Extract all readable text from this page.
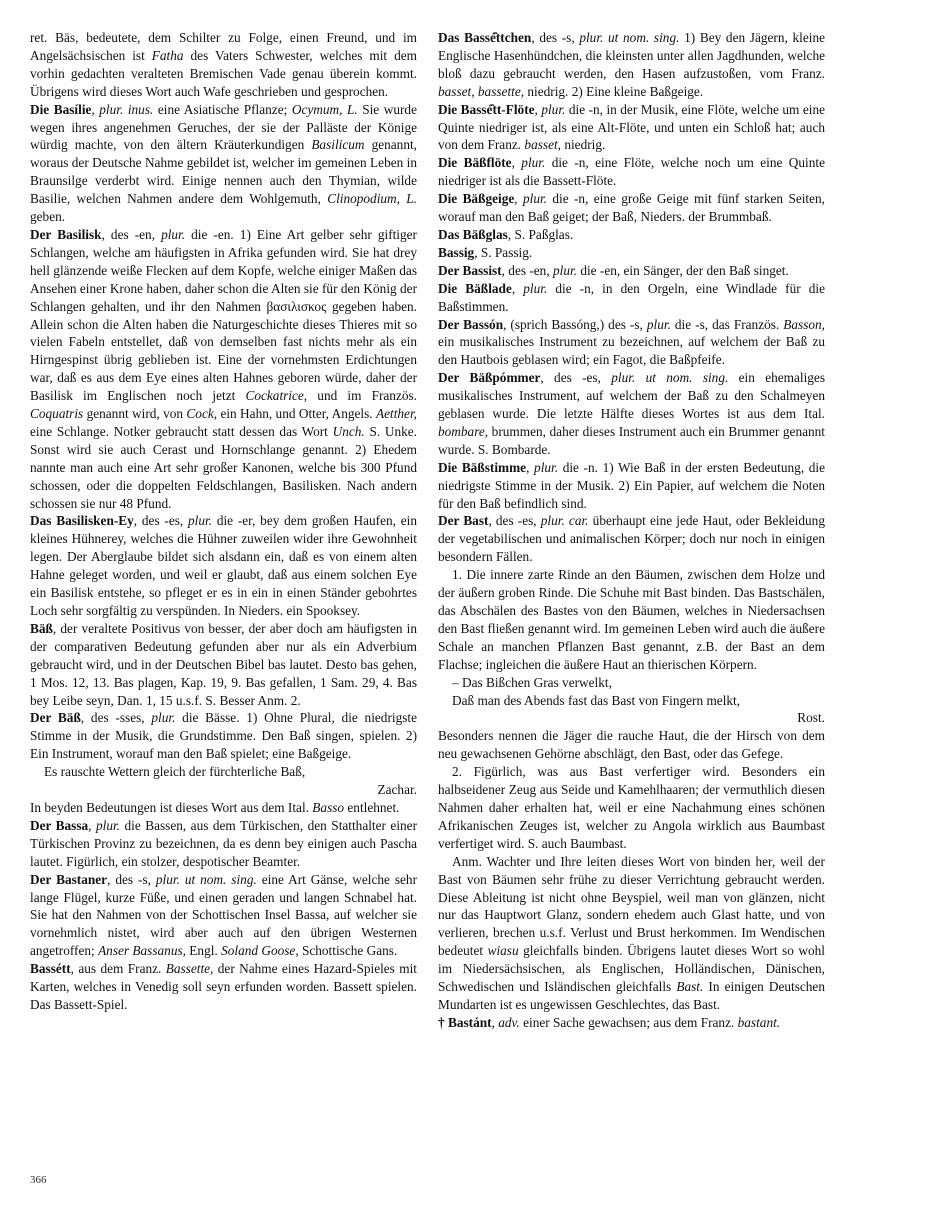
ret. Bäs, bedeutete, dem Schilter zu Folge, einen Freund, und im Angelsächsischen ist Fatha des Vaters Schwester, welches mit dem vorhin gedachten veralteten Bremischen Vade genau überein kommt. Übrigens wird dieses Wort auch Wafe geschrieben und gesprochen.

Die Basílie, plur. inus. eine Asiatische Pflanze; Ocymum, L. Sie wurde wegen ihres angenehmen Geruches, der sie der Palläste der Könige würdig machte, von den ältern Kräuterkundigen Basilicum genannt, woraus der Deutsche Nahme gebildet ist, welcher im gemeinen Leben in Braunsilge verderbt wird. Einige nennen auch den Thymian, wilde Basilie, welchen Nahmen andere dem Wohlgemuth, Clinopodium, L. geben.

Der Basilisk, des -en, plur. die -en. 1) Eine Art gelber sehr giftiger Schlangen, welche am häufigsten in Afrika gefunden wird. Sie hat drey hell glänzende weiße Flecken auf dem Kopfe, welche einiger Maßen das Ansehen einer Krone haben, daher schon die Alten sie für den König der Schlangen gehalten, und ihr den Nahmen βασιλισκος gegeben haben. Allein schon die Alten haben die Naturgeschichte dieses Thieres mit so vielen Fabeln entstellet, daß von demselben fast nichts mehr als ein Hirngespinst übrig geblieben ist. Eine der vornehmsten Erdichtungen war, daß es aus dem Eye eines alten Hahnes geboren würde, daher der Basilisk im Englischen noch jetzt Cockatrice, und im Französ. Coquatris genannt wird, von Cock, ein Hahn, und Otter, Angels. Aetther, eine Schlange. Notker gebraucht statt dessen das Wort Unch. S. Unke. Sonst wird sie auch Cerast und Hornschlange genannt. 2) Ehedem nannte man auch eine Art sehr großer Kanonen, welche bis 300 Pfund schossen, oder die doppelten Feldschlangen, Basilisken. Nach andern schossen sie nur 48 Pfund.

Das Basilisken-Ey, des -es, plur. die -er, bey dem großen Haufen, ein kleines Hühnerey, welches die Hühner zuweilen wider ihre Gewohnheit legen. Der Aberglaube bildet sich alsdann ein, daß es von einem alten Hahne geleget worden, und weil er glaubt, daß aus einem solchen Eye ein Basilisk entstehe, so pfleget er es in ein in einen Ständer gebohrtes Loch sehr sorgfältig zu verspünden. In Nieders. ein Spooksey.

Bäß, der veraltete Positivus von besser, der aber doch am häufigsten in der comparativen Bedeutung gefunden aber nur als ein Adverbium gebraucht wird, und in der Deutschen Bibel bas lautet. Desto bas gehen, 1 Mos. 12, 13. Bas plagen, Kap. 19, 9. Bas gefallen, 1 Sam. 29, 4. Bas bey Leibe seyn, Dan. 1, 15 u.s.f. S. Besser Anm. 2.

Der Bäß, des -sses, plur. die Bässe. 1) Ohne Plural, die niedrigste Stimme in der Musik, die Grundstimme. Den Baß singen, spielen. 2) Ein Instrument, worauf man den Baß spielet; eine Baßgeige.

Es rauschte Wettern gleich der fürchterliche Baß,

Zachar.

In beyden Bedeutungen ist dieses Wort aus dem Ital. Basso entlehnet.

Der Bassa, plur. die Bassen, aus dem Türkischen, den Statthalter einer Türkischen Provinz zu bezeichnen, da es denn bey einigen auch Pascha lautet. Figürlich, ein stolzer, despotischer Beamter.

Der Bastaner, des -s, plur. ut nom. sing. eine Art Gänse, welche sehr lange Flügel, kurze Füße, und einen geraden und langen Schnabel hat. Sie hat den Nahmen von der Schottischen Insel Bassa, auf welcher sie vornehmlich nistet, wird aber auch auf den übrigen Westernen angetroffen; Anser Bassanus, Engl. Soland Goose, Schottische Gans.

Bassétt, aus dem Franz. Bassette, der Nahme eines Hazard-Spieles mit Karten, welches in Venedig soll seyn erfunden worden. Bassett spielen. Das Bassett-Spiel.

Das Bassé̂ttchen, des -s, plur. ut nom. sing. 1) Bey den Jägern, kleine Englische Hasenhündchen, die kleinsten unter allen Jagdhunden, welche bloß dazu gebraucht werden, den Hasen aufzustoßen, vom Franz. basset, bassette, niedrig. 2) Eine kleine Baßgeige.

Die Bassé̂tt-Flöte, plur. die -n, in der Musik, eine Flöte, welche um eine Quinte niedriger ist, als eine Alt-Flöte, und unten ein Schloß hat; auch von dem Franz. basset, niedrig.

Die Bäßflöte, plur. die -n, eine Flöte, welche noch um eine Quinte niedriger ist als die Bassett-Flöte.

Die Bäßgeige, plur. die -n, eine große Geige mit fünf starken Seiten, worauf man den Baß geiget; der Baß, Nieders. der Brummbaß.

Das Bäßglas, S. Paßglas.

Bassig, S. Passig.

Der Bassist, des -en, plur. die -en, ein Sänger, der den Baß singet.

Die Bäßlade, plur. die -n, in den Orgeln, eine Windlade für die Baßstimmen.

Der Bassón, (sprich Bassóng,) des -s, plur. die -s, das Französ. Basson, ein musikalisches Instrument zu bezeichnen, auf welchem der Baß zu den Hautbois geblasen wird; ein Fagot, die Baßpfeife.

Der Bäßpómmer, des -es, plur. ut nom. sing. ein ehemaliges musikalisches Instrument, auf welchem der Baß zu den Schalmeyen geblasen wurde. Die letzte Hälfte dieses Wortes ist aus dem Ital. bombare, brummen, daher dieses Instrument auch ein Brummer genannt wurde. S. Bombarde.

Die Bäßstimme, plur. die -n. 1) Wie Baß in der ersten Bedeutung, die niedrigste Stimme in der Musik. 2) Ein Papier, auf welchem die Noten für den Baß befindlich sind.

Der Bast, des -es, plur. car. überhaupt eine jede Haut, oder Bekleidung der vegetabilischen und animalischen Körper; doch nur noch in einigen besondern Fällen.

1. Die innere zarte Rinde an den Bäumen, zwischen dem Holze und der äußern groben Rinde. Die Schuhe mit Bast binden. Das Bastschälen, das Abschälen des Bastes von den Bäumen, welches in Niedersachsen den Bast fließen genannt wird. Im gemeinen Leben wird auch die äußere Schale an manchen Pflanzen Bast genannt, z.B. der Bast an dem Flachse; ingleichen die äußere Haut an thierischen Körpern.

– Das Bißchen Gras verwelkt,

Daß man des Abends fast das Bast von Fingern melkt,

Rost.

Besonders nennen die Jäger die rauche Haut, die der Hirsch von dem neu gewachsenen Gehörne abschlägt, den Bast, oder das Gefege.

2. Figürlich, was aus Bast verfertiger wird. Besonders ein halbseidener Zeug aus Seide und Kamehlhaaren; der vermuthlich diesen Nahmen daher erhalten hat, weil er eine Nachahmung eines schönen Afrikanischen Zeuges ist, welcher zu Angola wirklich aus Baumbast verfertiget wird. S. auch Baumbast.

Anm. Wachter und Ihre leiten dieses Wort von binden her, weil der Bast von Bäumen sehr frühe zu dieser Verrichtung gebraucht werden. Diese Ableitung ist nicht ohne Beyspiel, weil man von glänzen, nicht nur das Hauptwort Glanz, sondern ehedem auch Glast hatte, und von verlieren, brechen u.s.f. Verlust und Brust herkommen. Im Wendischen bedeutet wiasu gleichfalls binden. Übrigens lautet dieses Wort so wohl im Niedersächsischen, als Englischen, Holländischen, Dänischen, Schwedischen und Isländischen gleichfalls Bast. In einigen Deutschen Mundarten ist es ungewissen Geschlechtes, das Bast.

† Bastánt, adv. einer Sache gewachsen; aus dem Franz. bastant.

366
